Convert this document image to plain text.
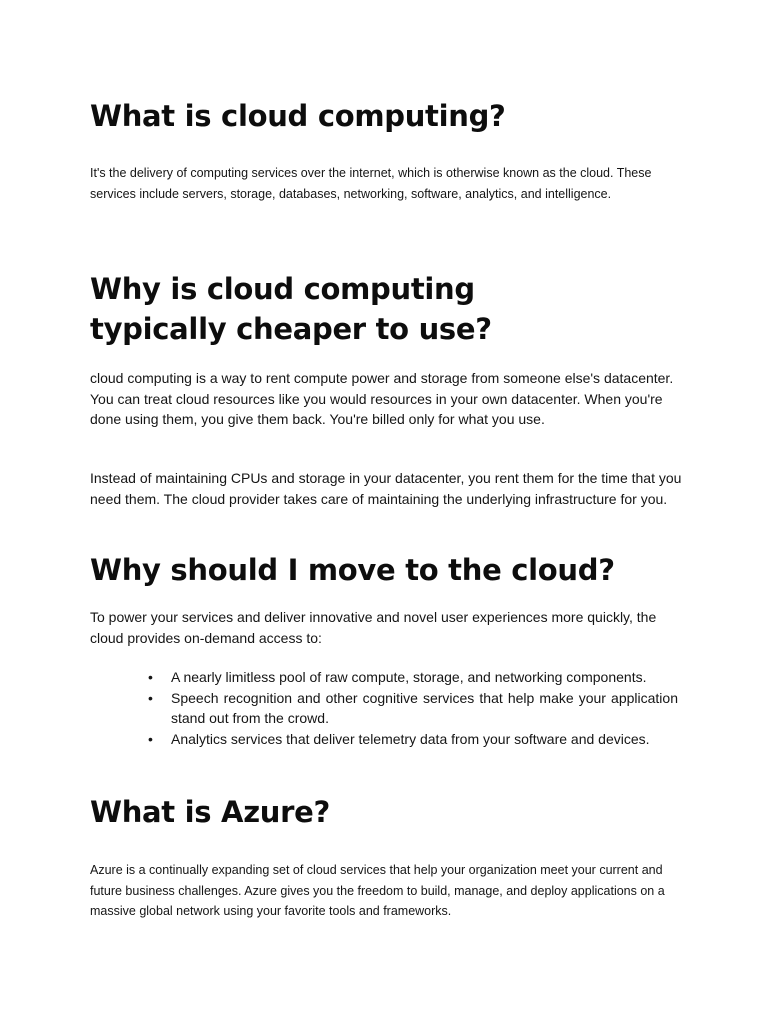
What is cloud computing?

It's the delivery of computing services over the internet, which is otherwise known as the cloud. These services include servers, storage, databases, networking, software, analytics, and intelligence.

Why is cloud computing typically cheaper to use?

cloud computing is a way to rent compute power and storage from someone else's datacenter. You can treat cloud resources like you would resources in your own datacenter. When you're done using them, you give them back. You're billed only for what you use.

Instead of maintaining CPUs and storage in your datacenter, you rent them for the time that you need them. The cloud provider takes care of maintaining the underlying infrastructure for you.

Why should I move to the cloud?

To power your services and deliver innovative and novel user experiences more quickly, the cloud provides on-demand access to:

• A nearly limitless pool of raw compute, storage, and networking components.
• Speech recognition and other cognitive services that help make your application stand out from the crowd.
• Analytics services that deliver telemetry data from your software and devices.
What is Azure?

Azure is a continually expanding set of cloud services that help your organization meet your current and future business challenges. Azure gives you the freedom to build, manage, and deploy applications on a massive global network using your favorite tools and frameworks.
